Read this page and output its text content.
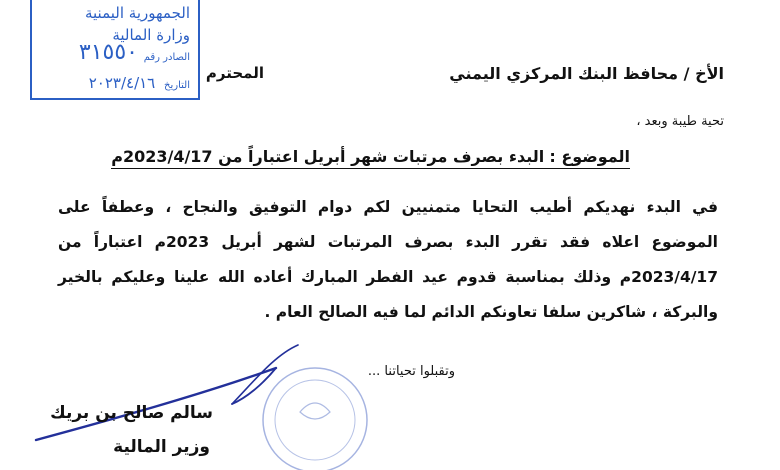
الجمهورية اليمنية
وزارة المالية
الصادر رقم
٣١٥٥٠
التاريخ ٢٠٢٣/٤/١٦	الأخ / محافظ البنك المركزي اليمني
المحترم
تحية طيبة وبعد ،
الموضوع : البدء بصرف مرتبات شهر أبريل اعتباراً من 2023/4/17م
في البدء نهديكم أطيب التحايا متمنيين لكم دوام التوفيق والنجاح ، وعطفاً على الموضوع اعلاه فقد تقرر البدء بصرف المرتبات لشهر أبريل 2023م اعتباراً من 2023/4/17م وذلك بمناسبة قدوم عيد الفطر المبارك أعاده الله علينا وعليكم بالخير والبركة ، شاكرين سلفا تعاونكم الدائم لما فيه الصالح العام .
وتقبلوا تحياتنا ...
سالم صالح بن بريك
وزير المالية
